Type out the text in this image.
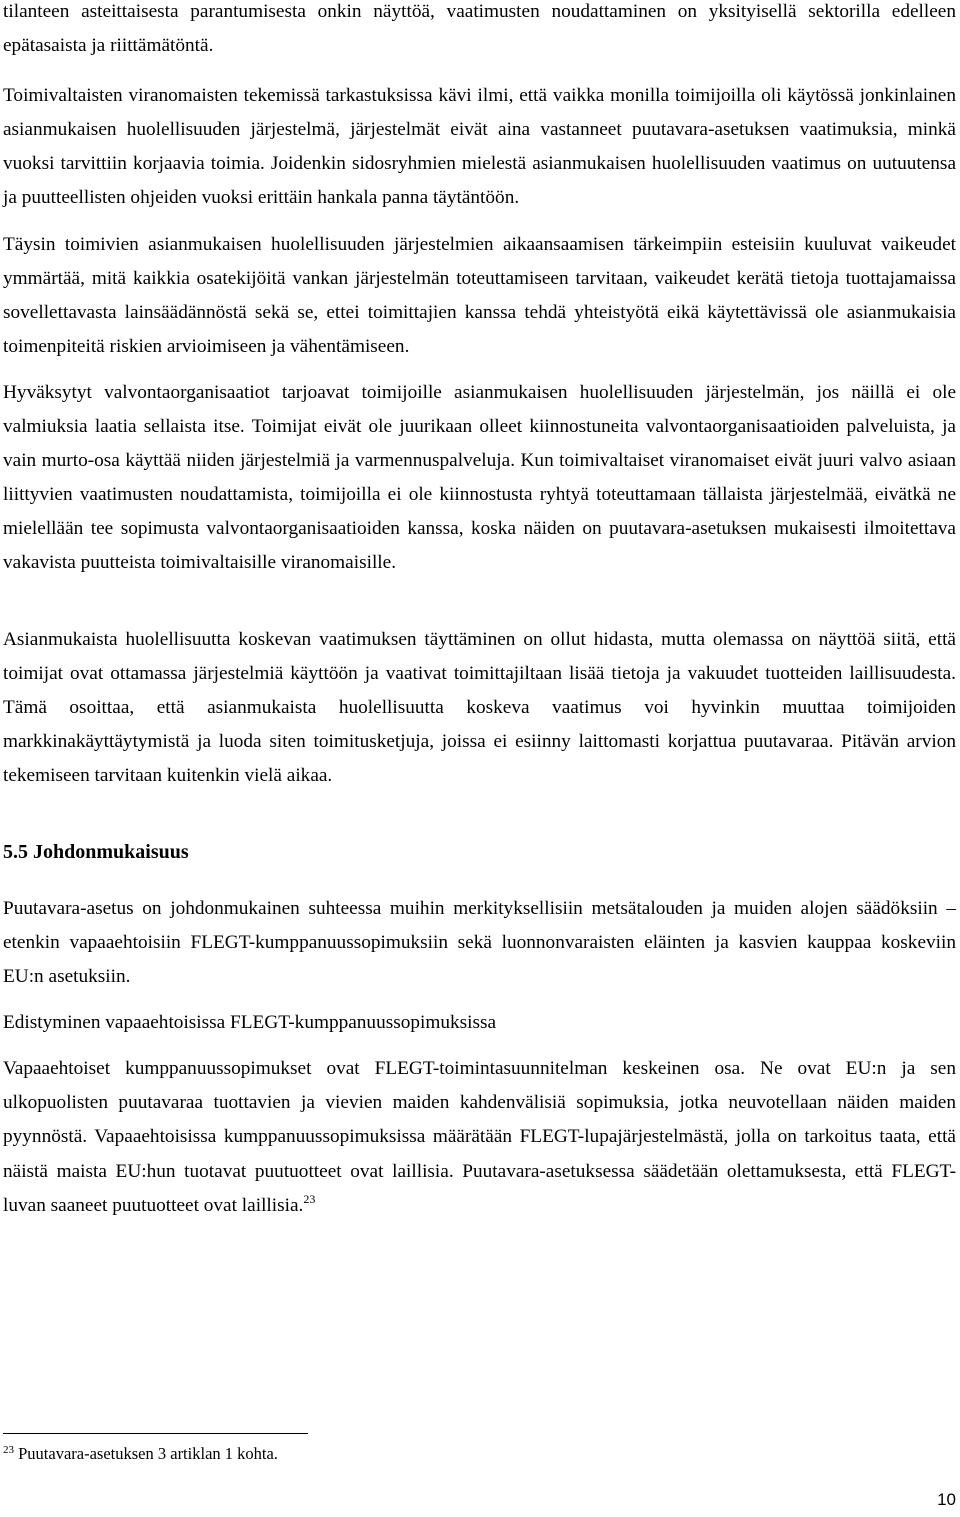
tilanteen asteittaisesta parantumisesta onkin näyttöä, vaatimusten noudattaminen on yksityisellä sektorilla edelleen epätasaista ja riittämätöntä.

Toimivaltaisten viranomaisten tekemissä tarkastuksissa kävi ilmi, että vaikka monilla toimijoilla oli käytössä jonkinlainen asianmukaisen huolellisuuden järjestelmä, järjestelmät eivät aina vastanneet puutavara-asetuksen vaatimuksia, minkä vuoksi tarvittiin korjaavia toimia. Joidenkin sidosryhmien mielestä asianmukaisen huolellisuuden vaatimus on uutuutensa ja puutteellisten ohjeiden vuoksi erittäin hankala panna täytäntöön.

Täysin toimivien asianmukaisen huolellisuuden järjestelmien aikaansaamisen tärkeimpiin esteisiin kuuluvat vaikeudet ymmärtää, mitä kaikkia osatekijöitä vankan järjestelmän toteuttamiseen tarvitaan, vaikeudet kerätä tietoja tuottajamaissa sovellettavasta lainsäädännöstä sekä se, ettei toimittajien kanssa tehdä yhteistyötä eikä käytettävissä ole asianmukaisia toimenpiteitä riskien arvioimiseen ja vähentämiseen.

Hyväksytyt valvontaorganisaatiot tarjoavat toimijoille asianmukaisen huolellisuuden järjestelmän, jos näillä ei ole valmiuksia laatia sellaista itse. Toimijat eivät ole juurikaan olleet kiinnostuneita valvontaorganisaatioiden palveluista, ja vain murto-osa käyttää niiden järjestelmiä ja varmennuspalveluja. Kun toimivaltaiset viranomaiset eivät juuri valvo asiaan liittyvien vaatimusten noudattamista, toimijoilla ei ole kiinnostusta ryhtyä toteuttamaan tällaista järjestelmää, eivätkä ne mielellään tee sopimusta valvontaorganisaatioiden kanssa, koska näiden on puutavara-asetuksen mukaisesti ilmoitettava vakavista puutteista toimivaltaisille viranomaisille.

Asianmukaista huolellisuutta koskevan vaatimuksen täyttäminen on ollut hidasta, mutta olemassa on näyttöä siitä, että toimijat ovat ottamassa järjestelmiä käyttöön ja vaativat toimittajiltaan lisää tietoja ja vakuudet tuotteiden laillisuudesta. Tämä osoittaa, että asianmukaista huolellisuutta koskeva vaatimus voi hyvinkin muuttaa toimijoiden markkinakäyttäytymistä ja luoda siten toimitusketjuja, joissa ei esiinny laittomasti korjattua puutavaraa. Pitävän arvion tekemiseen tarvitaan kuitenkin vielä aikaa.

5.5 Johdonmukaisuus

Puutavara-asetus on johdonmukainen suhteessa muihin merkityksellisiin metsätalouden ja muiden alojen säädöksiin – etenkin vapaaehtoisiin FLEGT-kumppanuussopimuksiin sekä luonnonvaraisten eläinten ja kasvien kauppaa koskeviin EU:n asetuksiin.

Edistyminen vapaaehtoisissa FLEGT-kumppanuussopimuksissa

Vapaaehtoiset kumppanuussopimukset ovat FLEGT-toimintasuunnitelman keskeinen osa. Ne ovat EU:n ja sen ulkopuolisten puutavaraa tuottavien ja vievien maiden kahdenvälisiä sopimuksia, jotka neuvotellaan näiden maiden pyynnöstä. Vapaaehtoisissa kumppanuussopimuksissa määrätään FLEGT-lupajärjestelmästä, jolla on tarkoitus taata, että näistä maista EU:hun tuotavat puutuotteet ovat laillisia. Puutavara-asetuksessa säädetään olettamuksesta, että FLEGT-luvan saaneet puutuotteet ovat laillisia.$^{23}$

$^{23}$ Puutavara-asetuksen 3 artiklan 1 kohta.
10
